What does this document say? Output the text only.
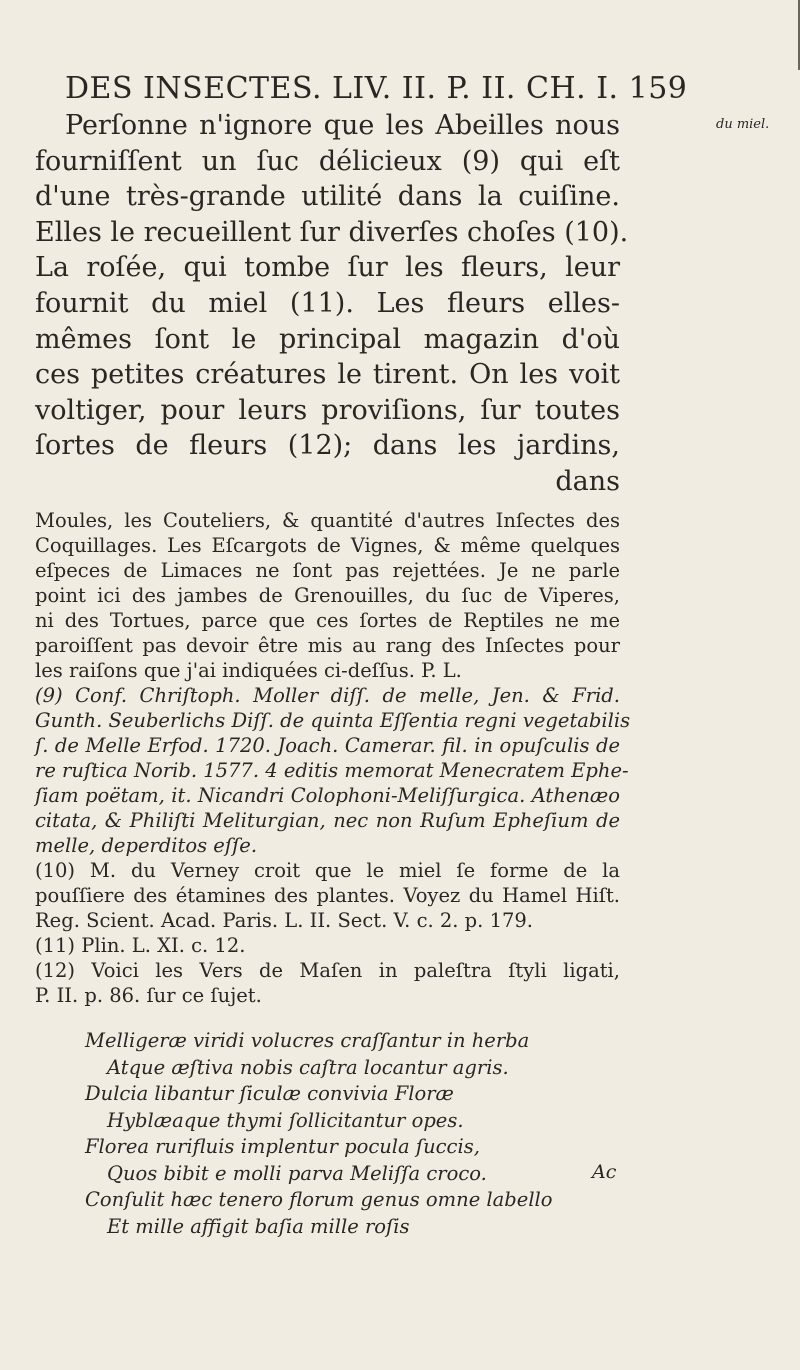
DES INSECTES. LIV. II. P. II. CH. I. 159
du miel.
Perſonne n'ignore que les Abeilles nous
fourniſſent un ſuc délicieux (9) qui eſt
d'une très-grande utilité dans la cuiſine.
Elles le recueillent ſur diverſes choſes (10).
La roſée, qui tombe ſur les fleurs, leur
fournit du miel (11). Les fleurs elles-
mêmes ſont le principal magazin d'où
ces petites créatures le tirent. On les voit
voltiger, pour leurs proviſions, ſur toutes
ſortes de fleurs (12); dans les jardins,
dans
Moules, les Couteliers, & quantité d'autres Inſectes des
Coquillages. Les Eſcargots de Vignes, & même quelques
eſpeces de Limaces ne ſont pas rejettées. Je ne parle
point ici des jambes de Grenouilles, du ſuc de Viperes,
ni des Tortues, parce que ces ſortes de Reptiles ne me
paroiſſent pas devoir être mis au rang des Inſectes pour
les raiſons que j'ai indiquées ci-deſſus. P. L.
(9) Conf. Chriſtoph. Moller diſſ. de melle, Jen. & Frid.
Gunth. Seuberlichs Diſſ. de quinta Eſſentia regni vegetabilis
ſ. de Melle Erfod. 1720. Joach. Camerar. fil. in opuſculis de
re ruſtica Norib. 1577. 4 editis memorat Menecratem Ephe-
ſiam poëtam, it. Nicandri Colophoni-Meliſſurgica. Athenæo
citata, & Philiſti Meliturgian, nec non Ruſum Epheſium de
melle, deperditos eſſe.
(10) M. du Verney croit que le miel ſe forme de la
pouſſiere des étamines des plantes. Voyez du Hamel Hiſt.
Reg. Scient. Acad. Paris. L. II. Sect. V. c. 2. p. 179.
(11) Plin. L. XI. c. 12.
(12) Voici les Vers de Maſen in paleſtra ſtyli ligati,
P. II. p. 86. ſur ce ſujet.
Melligeræ viridi volucres craſſantur in herba
Atque æſtiva nobis caſtra locantur agris.
Dulcia libantur ſiculæ convivia Floræ
Hyblæaque thymi ſollicitantur opes.
Florea rurifluis implentur pocula ſuccis,
Quos bibit e molli parva Meliſſa croco.
Conſulit hæc tenero florum genus omne labello
Et mille affigit baſia mille roſis
Ac
